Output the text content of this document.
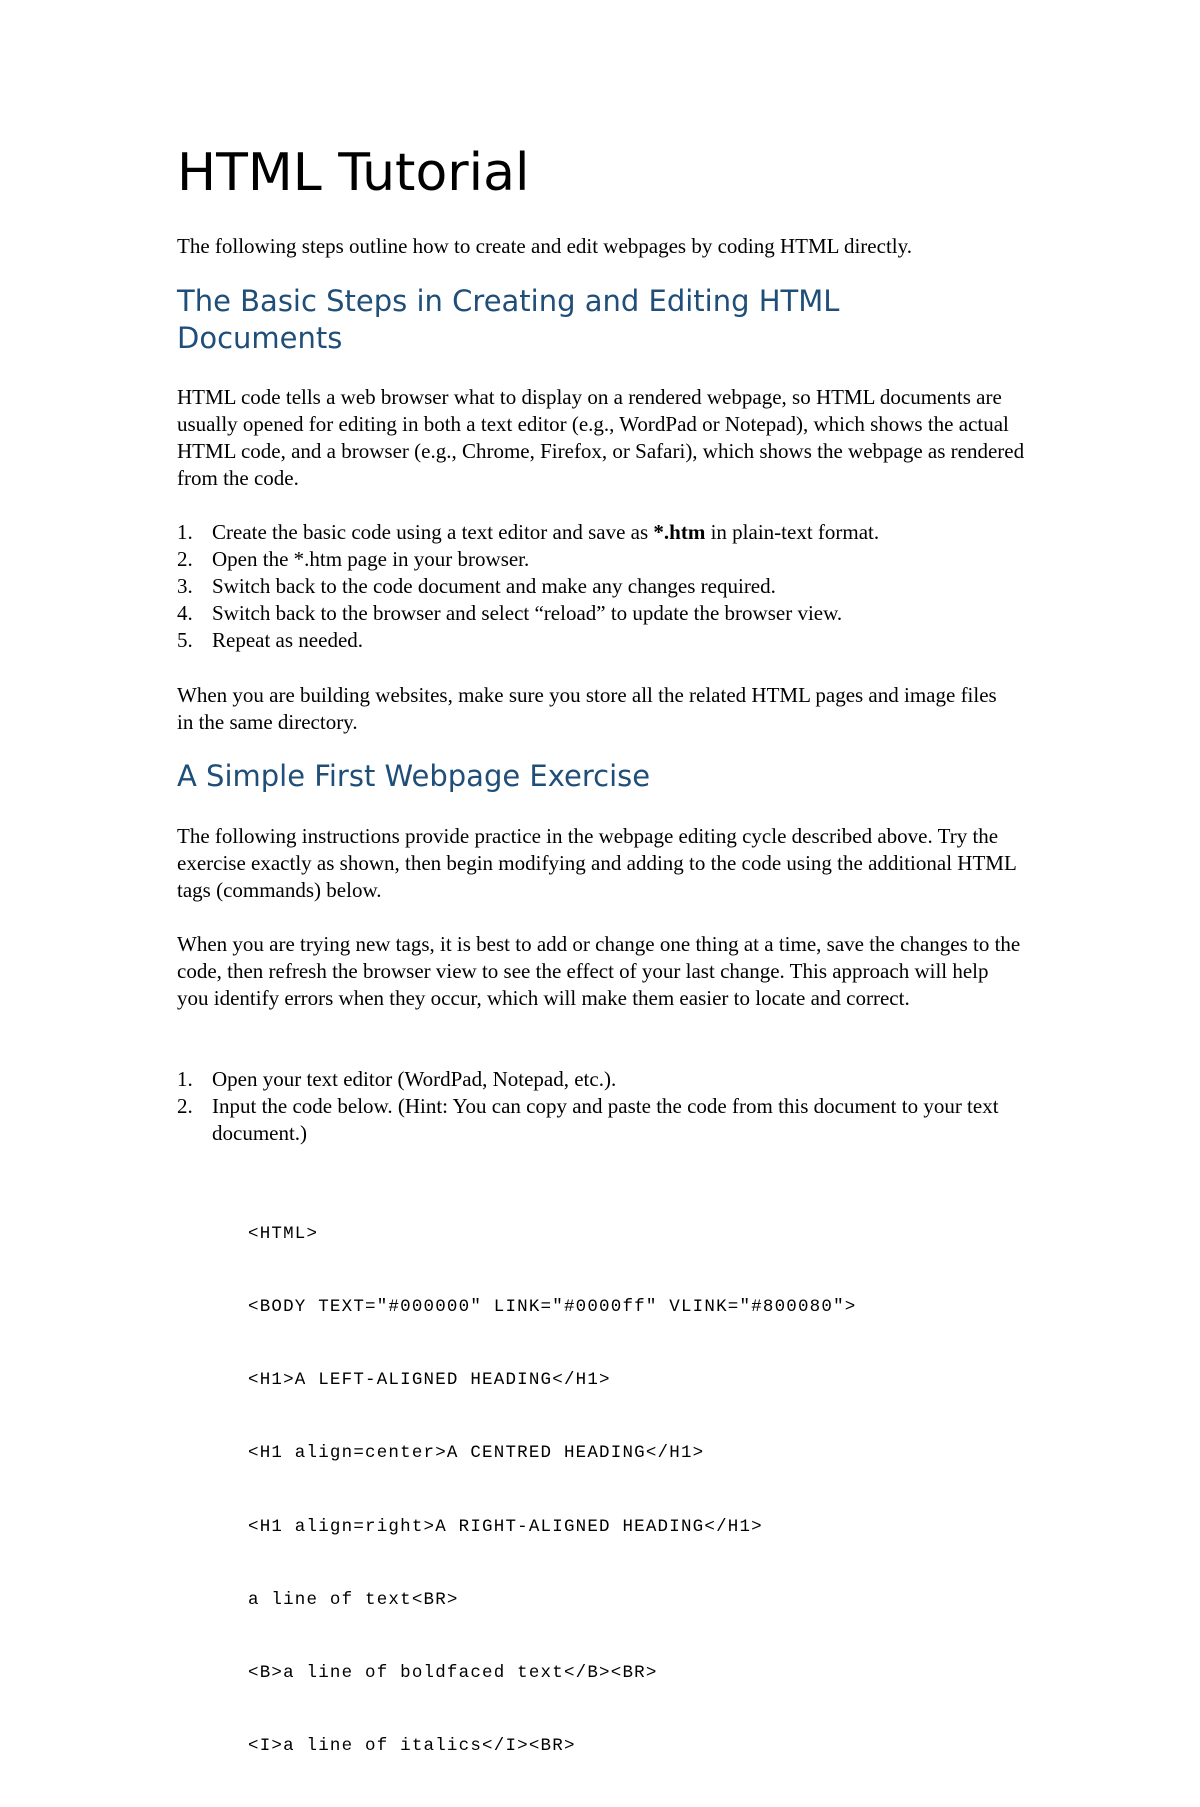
HTML Tutorial

The following steps outline how to create and edit webpages by coding HTML directly.

The Basic Steps in Creating and Editing HTML Documents

HTML code tells a web browser what to display on a rendered webpage, so HTML documents are usually opened for editing in both a text editor (e.g., WordPad or Notepad), which shows the actual HTML code, and a browser (e.g., Chrome, Firefox, or Safari), which shows the webpage as rendered from the code.

1. Create the basic code using a text editor and save as *.htm in plain-text format.
2. Open the *.htm page in your browser.
3. Switch back to the code document and make any changes required.
4. Switch back to the browser and select “reload” to update the browser view.
5. Repeat as needed.

When you are building websites, make sure you store all the related HTML pages and image files in the same directory.

A Simple First Webpage Exercise

The following instructions provide practice in the webpage editing cycle described above. Try the exercise exactly as shown, then begin modifying and adding to the code using the additional HTML tags (commands) below.

When you are trying new tags, it is best to add or change one thing at a time, save the changes to the code, then refresh the browser view to see the effect of your last change. This approach will help you identify errors when they occur, which will make them easier to locate and correct.

1. Open your text editor (WordPad, Notepad, etc.).
2. Input the code below. (Hint: You can copy and paste the code from this document to your text document.)

<HTML>

<BODY TEXT="#000000" LINK="#0000ff" VLINK="#800080">

<H1>A LEFT-ALIGNED HEADING</H1>

<H1 align=center>A CENTRED HEADING</H1>

<H1 align=right>A RIGHT-ALIGNED HEADING</H1>

a line of text<BR>

<B>a line of boldfaced text</B><BR>

<I>a line of italics</I><BR>
